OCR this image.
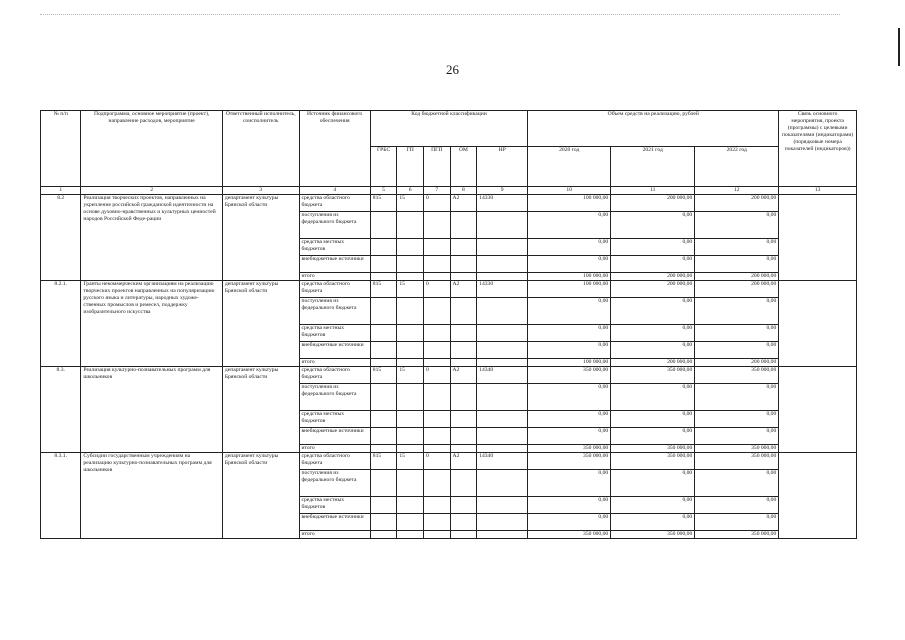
26
№ п/п	Подпрограмма, основное мероприятие (проект), направление расходов, мероприятие	Ответственный исполнитель, соисполнитель	Источник финансового обеспечения	Код бюджетной классификации					Объем средств на реализацию, рублей			Связь основного мероприятия, проекта (программы) с целевыми показателями (индикаторами) (порядковые номера показателей (индикаторов))
				ГРБС	ГП	ПГП	ОМ	НР	2020 год	2021 год	2022 год	
1	2	3	4	5	6	7	8	9	10	11	12	13
8.2	Реализация творческих проектов, направленных на укрепление российской гражданской идентичности на основе духовно-нравственных и культурных ценностей народов Российской Феде-рации	департамент культуры Брянской области	средства областного бюджета	815	15	0	А2	14330	100 000,00	200 000,00	200 000,00	
			поступления из федерального бюджета						0,00	0,00	0,00	
			средства местных бюджетов						0,00	0,00	0,00	
			внебюджетные источники						0,00	0,00	0,00	
			итого						100 000,00	200 000,00	200 000,00	
8.2.1.	Гранты некоммерческим организациям на реализацию творческих проектов направленных на популяризацию русского языка и литературы, народных художе-ственных промыслов и ремесел, поддержку изобразительного искусства	департамент культуры Брянской области	средства областного бюджета	815	15	0	А2	14330	100 000,00	200 000,00	200 000,00	
			поступления из федерального бюджета						0,00	0,00	0,00	
			средства местных бюджетов						0,00	0,00	0,00	
			внебюджетные источники						0,00	0,00	0,00	
			итого						100 000,00	200 000,00	200 000,00	
8.3.	Реализация культурно-познавательных программ для школьников	департамент культуры Брянской области	средства областного бюджета	815	15	0	А2	14340	350 000,00	350 000,00	350 000,00	
			поступления из федерального бюджета						0,00	0,00	0,00	
			средства местных бюджетов						0,00	0,00	0,00	
			внебюджетные источники						0,00	0,00	0,00	
			итого						350 000,00	350 000,00	350 000,00	
8.3.1.	Субсидии государственным учреждениям на реализацию культурно-познавательных программ для школьников	департамент культуры Брянской области	средства областного бюджета	815	15	0	А2	14340	350 000,00	350 000,00	350 000,00	
			поступления из федерального бюджета						0,00	0,00	0,00	
			средства местных бюджетов						0,00	0,00	0,00	
			внебюджетные источники						0,00	0,00	0,00	
			итого						350 000,00	350 000,00	350 000,00	
